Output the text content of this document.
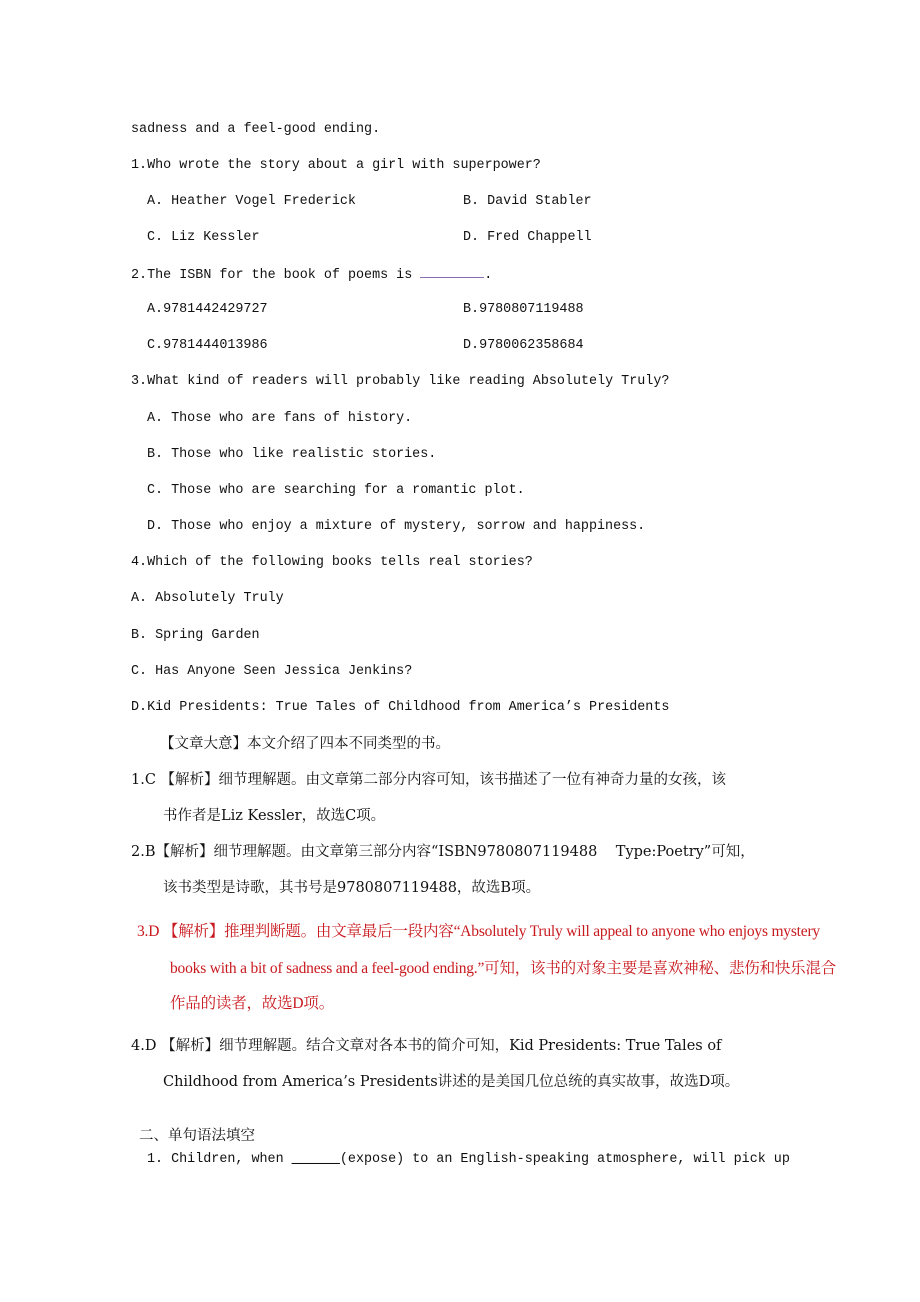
sadness and a feel-good ending.
1.Who wrote the story about a girl with superpower?
A. Heather Vogel Frederick	B. David Stabler
C. Liz Kessler	D. Fred Chappell
2.The ISBN for the book of poems is	.
A.9781442429727	B.9780807119488
C.9781444013986	D.9780062358684
3.What kind of readers will probably like reading Absolutely Truly?
A. Those who are fans of history.
B. Those who like realistic stories.
C. Those who are searching for a romantic plot.
D. Those who enjoy a mixture of mystery, sorrow and happiness.
4.Which of the following books tells real stories?
A. Absolutely Truly
B. Spring Garden
C. Has Anyone Seen Jessica Jenkins?
D.Kid Presidents: True Tales of Childhood from America’s Presidents
【文章大意】本文介绍了四本不同类型的书。
1.C 【解析】细节理解题。由文章第二部分内容可知，该书描述了一位有神奇力量的女孩，该
书作者是Liz Kessler，故选C项。
2.B【解析】细节理解题。由文章第三部分内容“ISBN9780807119488    Type:Poetry”可知，
该书类型是诗歌，其书号是9780807119488，故选B项。
3.D 【解析】推理判断题。由文章最后一段内容“Absolutely Truly will appeal to anyone who enjoys mystery
books with a bit of sadness and a feel-good ending.”可知，该书的对象主要是喜欢神秘、悲伤和快乐混合
作品的读者，故选D项。
4.D 【解析】细节理解题。结合文章对各本书的简介可知，Kid Presidents: True Tales of
Childhood from America’s Presidents讲述的是美国几位总统的真实故事，故选D项。
二、单句语法填空
1. Children, when ______(expose) to an English-speaking atmosphere, will pick up
